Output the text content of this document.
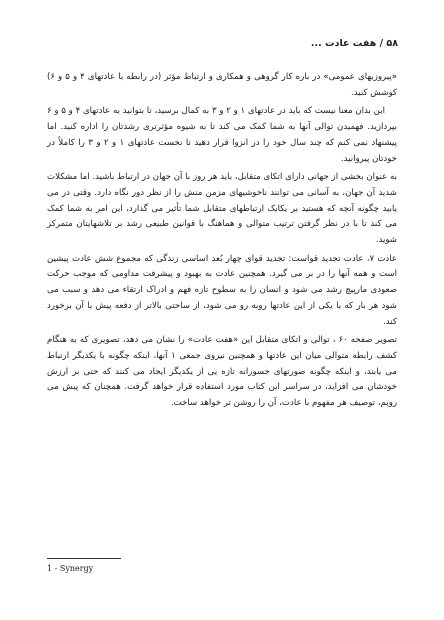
۵۸ / هفت عادت ...

«پیروزیهای عمومی» در باره کار گروهی و همکاری و ارتباط مؤثر (در رابطه با عادتهای ۴ و ۵ و ۶) کوشش کنید.

این بدان معنا نیست که باید در عادتهای ۱ و ۲ و ۳ به کمال برسید، تا بتوانید به عادتهای ۴ و ۵ و ۶ بپردازید. فهمیدن توالی آنها به شما کمک می کند تا به شیوه مؤثرتری رشدتان را اداره کنید. اما پیشنهاد نمی کنم که چند سال خود را در انزوا قرار دهید تا نخست عادتهای ۱ و ۲ و ۳ را کاملاً در خودتان پیروانید.

به عنوان بخشی از جهانی دارای اتکای متقابل، باید هر روز با آن جهان در ارتباط باشید. اما مشکلات شدید آن جهان، به آسانی می توانند ناخوشیهای مزمن منش را از نظر دور نگاه دارد. وقتی در می یابید چگونه آنچه که هستید بر یکایک ارتباطهای متقابل شما تأثیر می گذارد، این امر به شما کمک می کند تا با در نظر گرفتن ترتیب متوالی و هماهنگ با قوانین طبیعی رشد بر تلاشهایتان متمرکز شوید.

عادت ۷، عادت تجدید قواست: تجدید قوای چهار بُعد اساسی زندگی که مجموع شش عادت پیشین است و همه آنها را در بر می گیرد. همچنین عادت به بهبود و پیشرفت مداومی که موجب حرکت صعودی مارپیچ رشد می شود و انسان را به سطوح تازه فهم و ادراک ارتقاء می دهد و سبب می شود هر بار که با یکی از این عادتها روبه رو می شود، از ساحتی بالاتر از دفعه پیش با آن برخورد کند.

تصویر صفحه ۶۰ ، توالی و اتکای متقابل این «هفت عادت» را نشان می دهد، تصویری که به هنگام کشف رابطه متوالی میان این عادتها و همچنین نیروی جمعی ۱ آنها، اینکه چگونه با یکدیگر ارتباط می یابند، و اینکه چگونه صورتهای جسورانه تازه یی از یکدیگر ایجاد می کنند که حتی بر ارزش خودشان می افزاید، در سراسر این کتاب مورد استفاده قرار خواهد گرفت. همچنان که پیش می رویم، توصیف هر مفهوم با عادت، آن را روشن تر خواهد ساخت.

1 - Synergy
